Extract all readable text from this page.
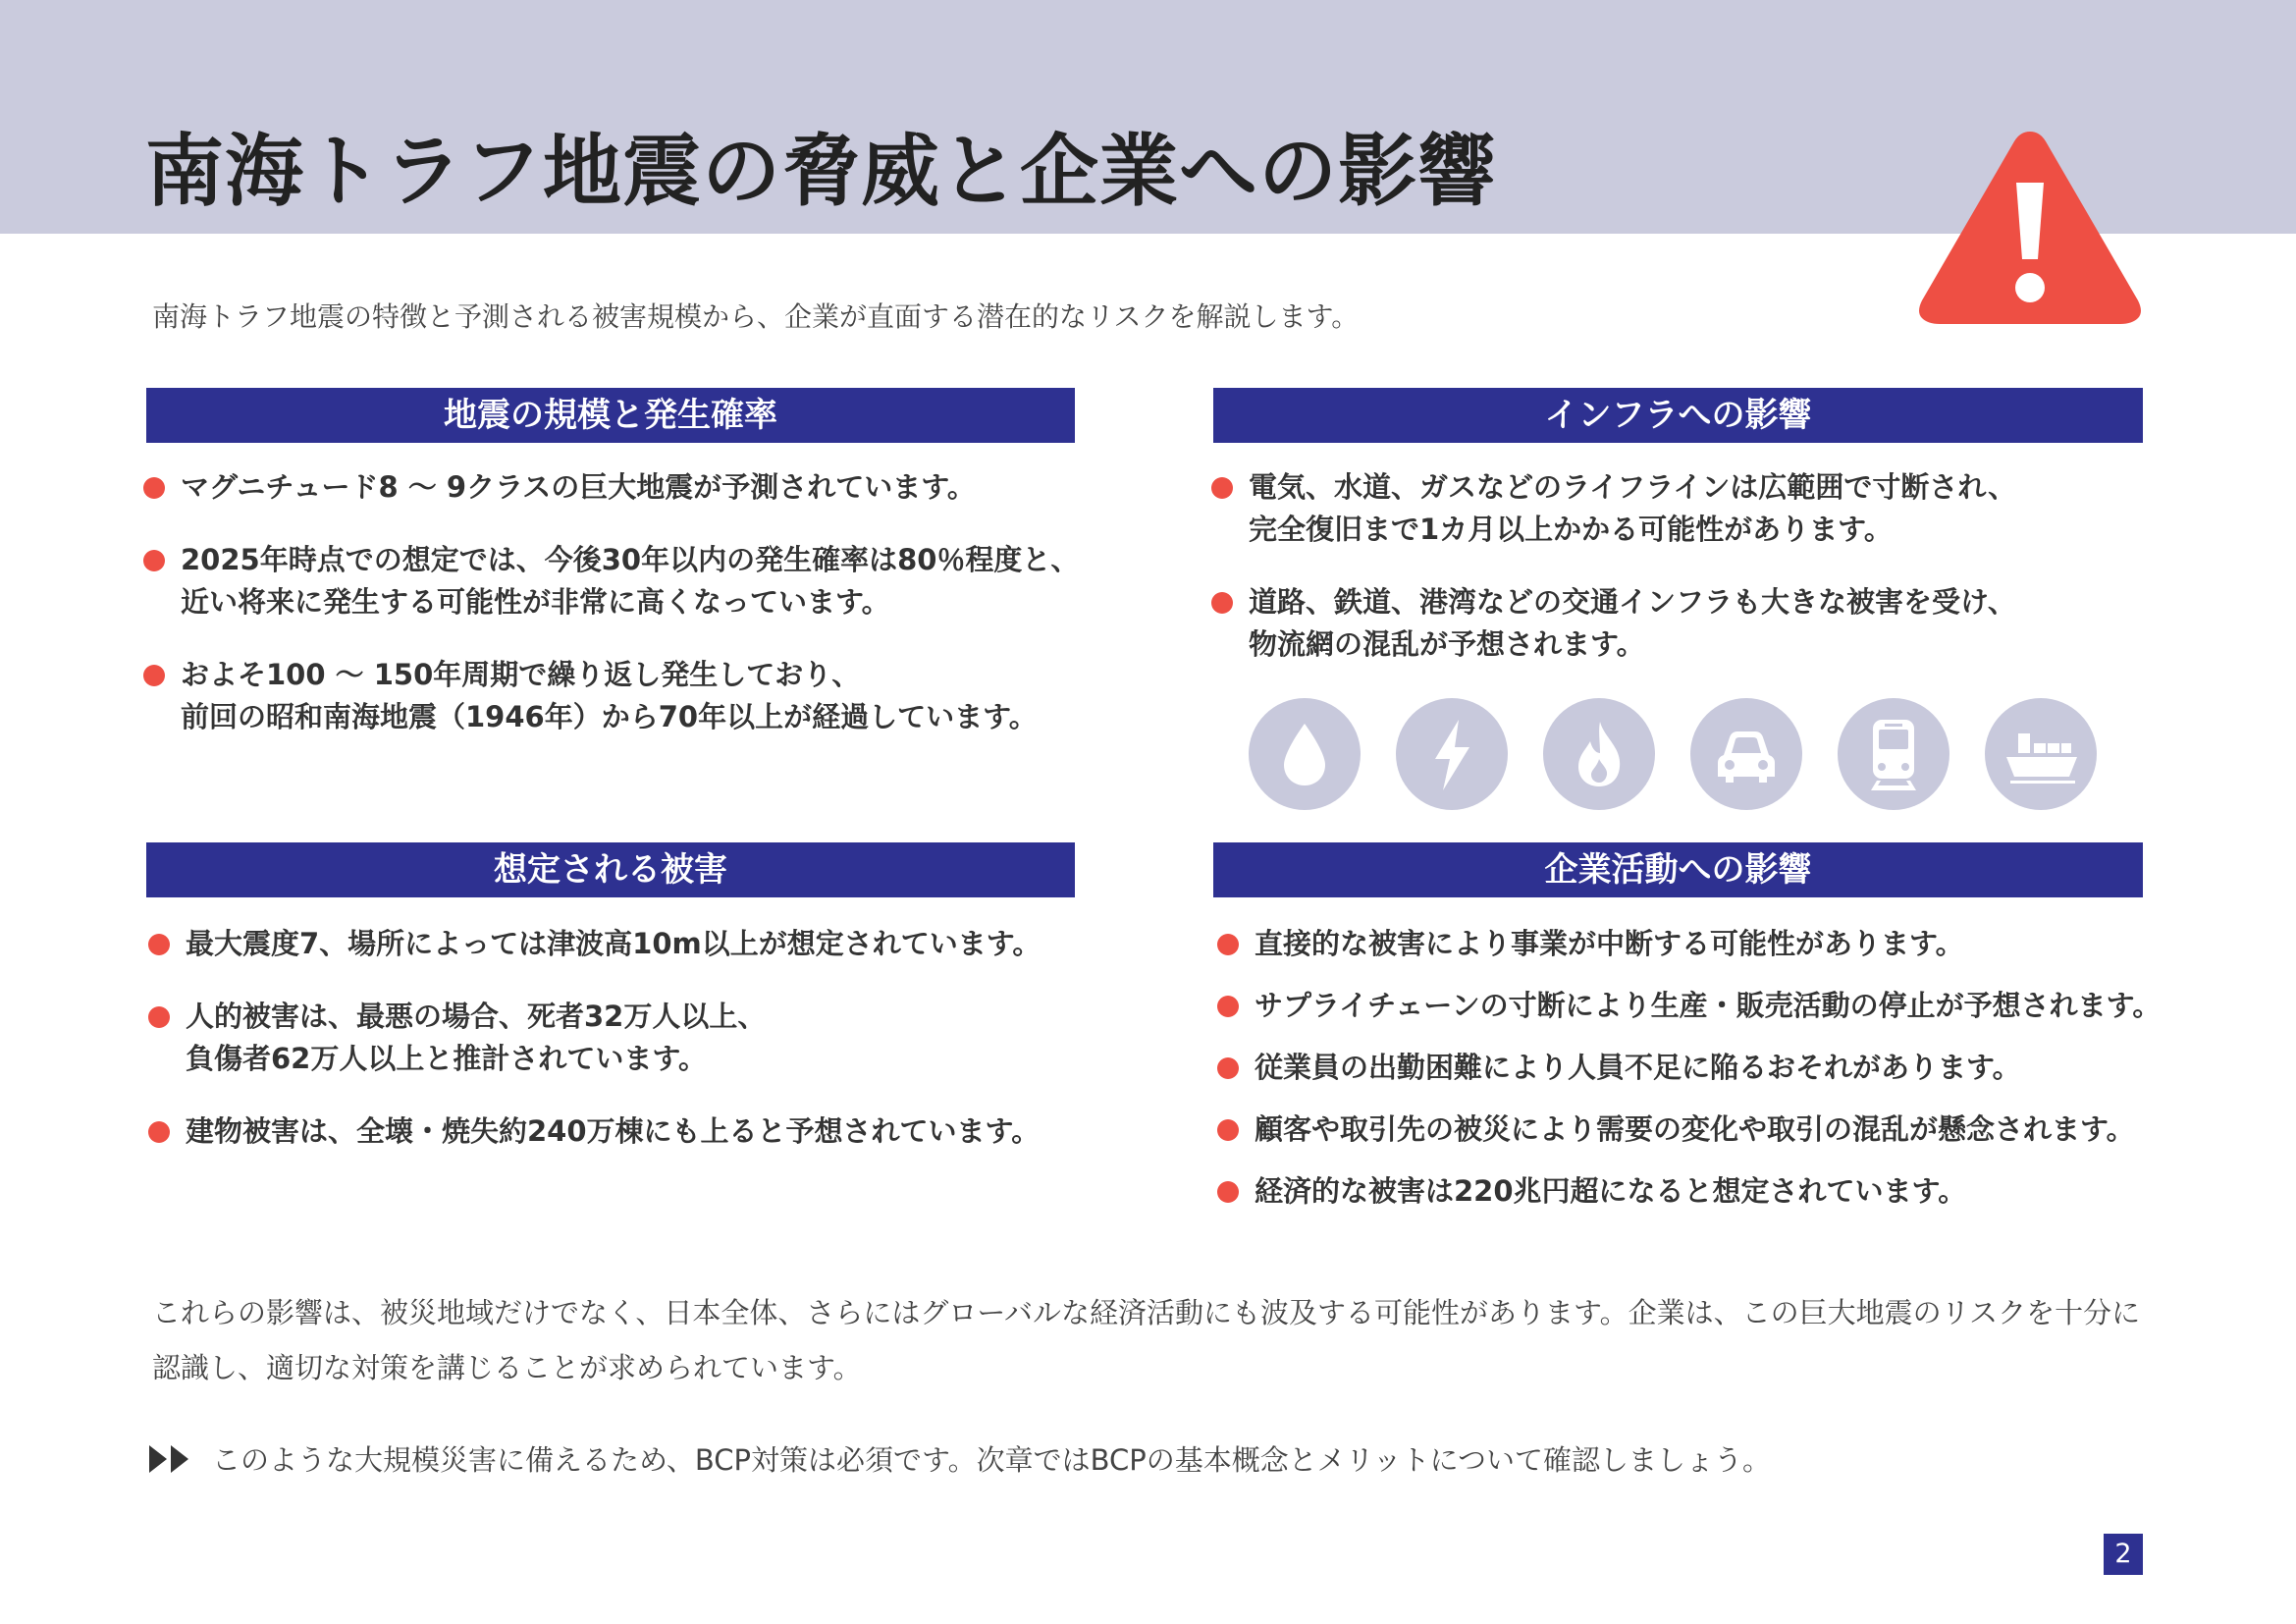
南海トラフ地震の脅威と企業への影響

南海トラフ地震の特徴と予測される被害規模から、企業が直面する潜在的なリスクを解説します。

地震の規模と発生確率
マグニチュード8 ～ 9クラスの巨大地震が予測されています。
2025年時点での想定では、今後30年以内の発生確率は80％程度と、
近い将来に発生する可能性が非常に高くなっています。
およそ100 ～ 150年周期で繰り返し発生しており、
前回の昭和南海地震（1946年）から70年以上が経過しています。
インフラへの影響
電気、水道、ガスなどのライフラインは広範囲で寸断され、
完全復旧まで1カ月以上かかる可能性があります。
道路、鉄道、港湾などの交通インフラも大きな被害を受け、
物流網の混乱が予想されます。
想定される被害
最大震度7、場所によっては津波高10m以上が想定されています。
人的被害は、最悪の場合、死者32万人以上、
負傷者62万人以上と推計されています。
建物被害は、全壊・焼失約240万棟にも上ると予想されています。
企業活動への影響
直接的な被害により事業が中断する可能性があります。
サプライチェーンの寸断により生産・販売活動の停止が予想されます。
従業員の出勤困難により人員不足に陥るおそれがあります。
顧客や取引先の被災により需要の変化や取引の混乱が懸念されます。
経済的な被害は220兆円超になると想定されています。

これらの影響は、被災地域だけでなく、日本全体、さらにはグローバルな経済活動にも波及する可能性があります。企業は、この巨大地震のリスクを十分に認識し、適切な対策を講じることが求められています。

このような大規模災害に備えるため、BCP対策は必須です。次章ではBCPの基本概念とメリットについて確認しましょう。

2
